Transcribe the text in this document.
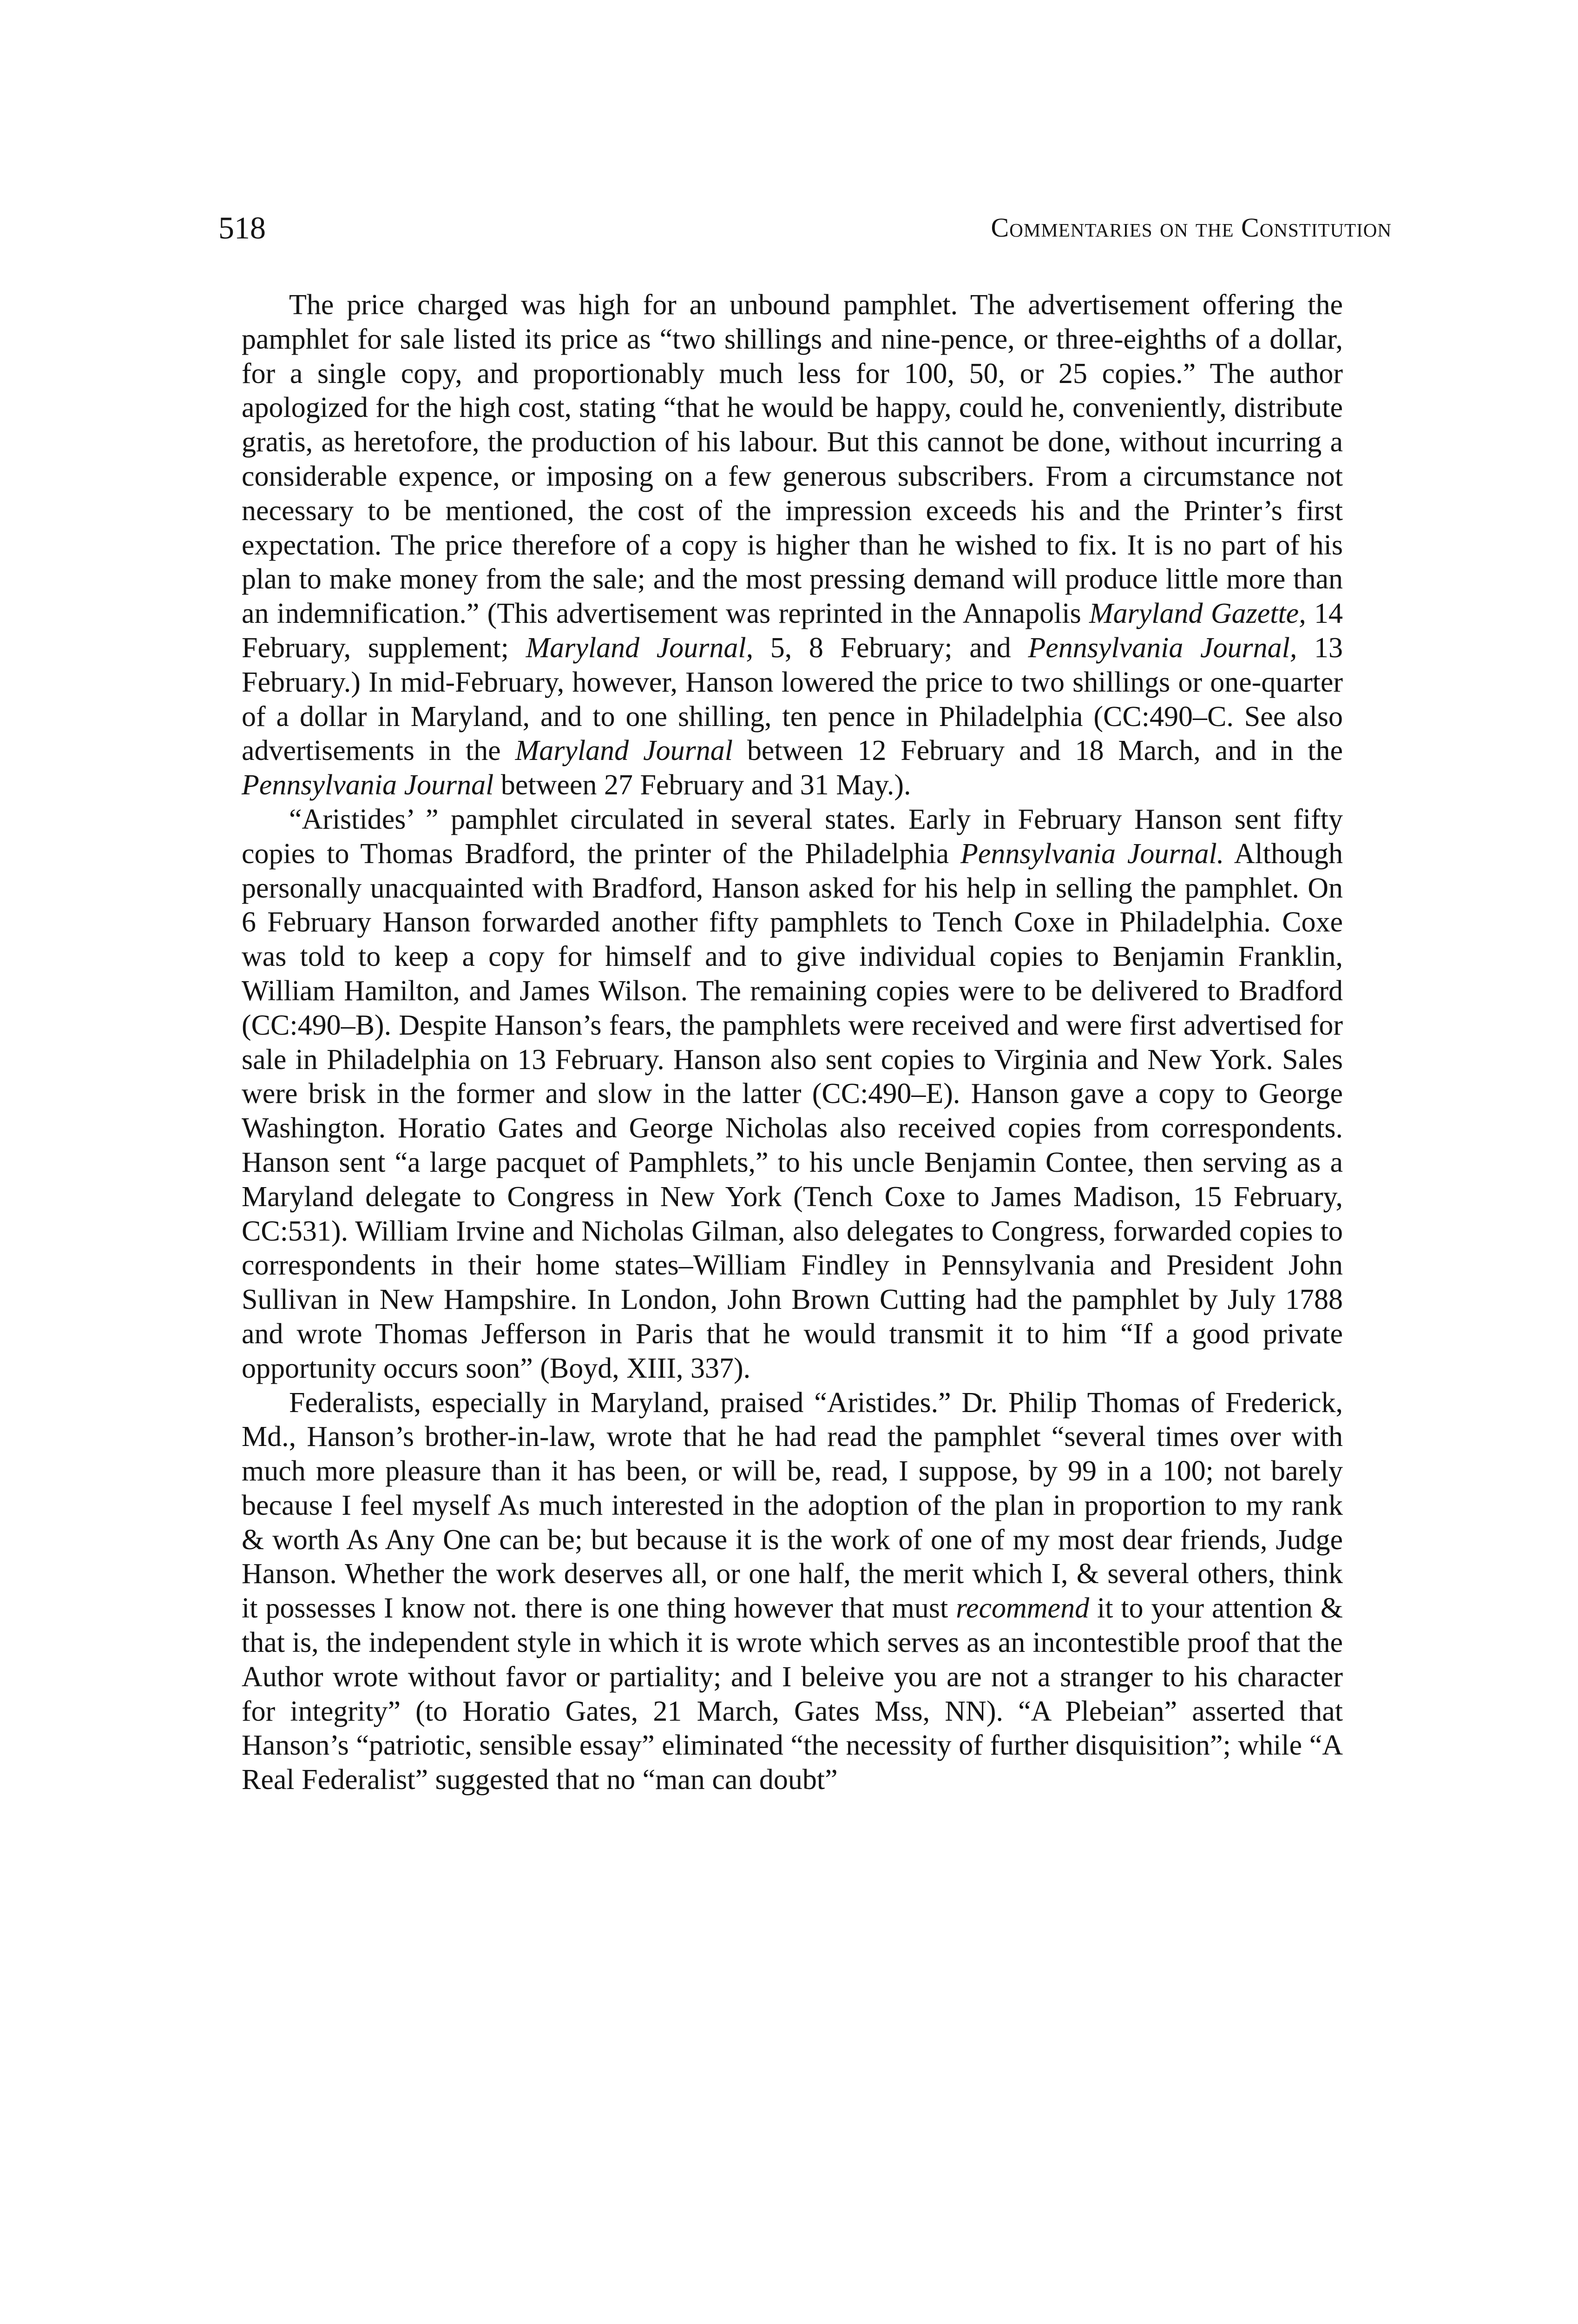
518	Commentaries on the Constitution

The price charged was high for an unbound pamphlet. The advertisement offering the pamphlet for sale listed its price as “two shillings and nine-pence, or three-eighths of a dollar, for a single copy, and proportionably much less for 100, 50, or 25 copies.” The author apologized for the high cost, stating “that he would be happy, could he, conveniently, distribute gratis, as heretofore, the production of his labour. But this cannot be done, without incurring a considerable expence, or imposing on a few generous subscribers. From a circumstance not necessary to be mentioned, the cost of the impression exceeds his and the Printer’s first expectation. The price therefore of a copy is higher than he wished to fix. It is no part of his plan to make money from the sale; and the most pressing demand will produce little more than an indemnification.” (This advertisement was reprinted in the Annapolis Maryland Gazette, 14 February, supplement; Maryland Journal, 5, 8 February; and Pennsylvania Journal, 13 February.) In mid-February, however, Hanson lowered the price to two shillings or one-quarter of a dollar in Maryland, and to one shilling, ten pence in Philadelphia (CC:490–C. See also advertisements in the Maryland Journal between 12 February and 18 March, and in the Pennsylvania Journal between 27 February and 31 May.).

“Aristides’ ” pamphlet circulated in several states. Early in February Hanson sent fifty copies to Thomas Bradford, the printer of the Philadelphia Pennsylvania Journal. Although personally unacquainted with Bradford, Hanson asked for his help in selling the pamphlet. On 6 February Hanson forwarded another fifty pamphlets to Tench Coxe in Philadelphia. Coxe was told to keep a copy for himself and to give individual copies to Benjamin Franklin, William Hamilton, and James Wilson. The remaining copies were to be delivered to Bradford (CC:490–B). Despite Hanson’s fears, the pamphlets were received and were first advertised for sale in Philadelphia on 13 February. Hanson also sent copies to Virginia and New York. Sales were brisk in the former and slow in the latter (CC:490–E). Hanson gave a copy to George Washington. Horatio Gates and George Nicholas also received copies from correspondents. Hanson sent “a large pacquet of Pamphlets,” to his uncle Benjamin Contee, then serving as a Maryland delegate to Congress in New York (Tench Coxe to James Madison, 15 February, CC:531). William Irvine and Nicholas Gilman, also delegates to Congress, forwarded copies to correspondents in their home states–William Findley in Pennsylvania and President John Sullivan in New Hampshire. In London, John Brown Cutting had the pamphlet by July 1788 and wrote Thomas Jefferson in Paris that he would transmit it to him “If a good private opportunity occurs soon” (Boyd, XIII, 337).

Federalists, especially in Maryland, praised “Aristides.” Dr. Philip Thomas of Frederick, Md., Hanson’s brother-in-law, wrote that he had read the pamphlet “several times over with much more pleasure than it has been, or will be, read, I suppose, by 99 in a 100; not barely because I feel myself As much interested in the adoption of the plan in proportion to my rank & worth As Any One can be; but because it is the work of one of my most dear friends, Judge Hanson. Whether the work deserves all, or one half, the merit which I, & several others, think it possesses I know not. there is one thing however that must recommend it to your attention & that is, the independent style in which it is wrote which serves as an incontestible proof that the Author wrote without favor or partiality; and I beleive you are not a stranger to his character for integrity” (to Horatio Gates, 21 March, Gates Mss, NN). “A Plebeian” asserted that Hanson’s “patriotic, sensible essay” eliminated “the necessity of further disquisition”; while “A Real Federalist” suggested that no “man can doubt”
